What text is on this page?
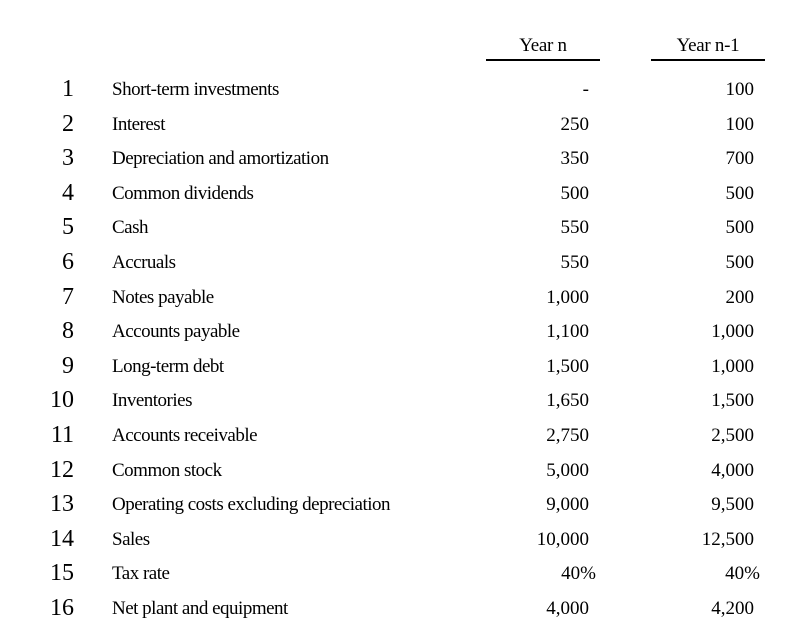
Year n	Year n-1
1 Short-term investments	-	100
2 Interest	250	100
3 Depreciation and amortization	350	700
4 Common dividends	500	500
5 Cash	550	500
6 Accruals	550	500
7 Notes payable	1,000	200
8 Accounts payable	1,100	1,000
9 Long-term debt	1,500	1,000
10 Inventories	1,650	1,500
11 Accounts receivable	2,750	2,500
12 Common stock	5,000	4,000
13 Operating costs excluding depreciation	9,000	9,500
14 Sales	10,000	12,500
15 Tax rate	40%	40%
16 Net plant and equipment	4,000	4,200
